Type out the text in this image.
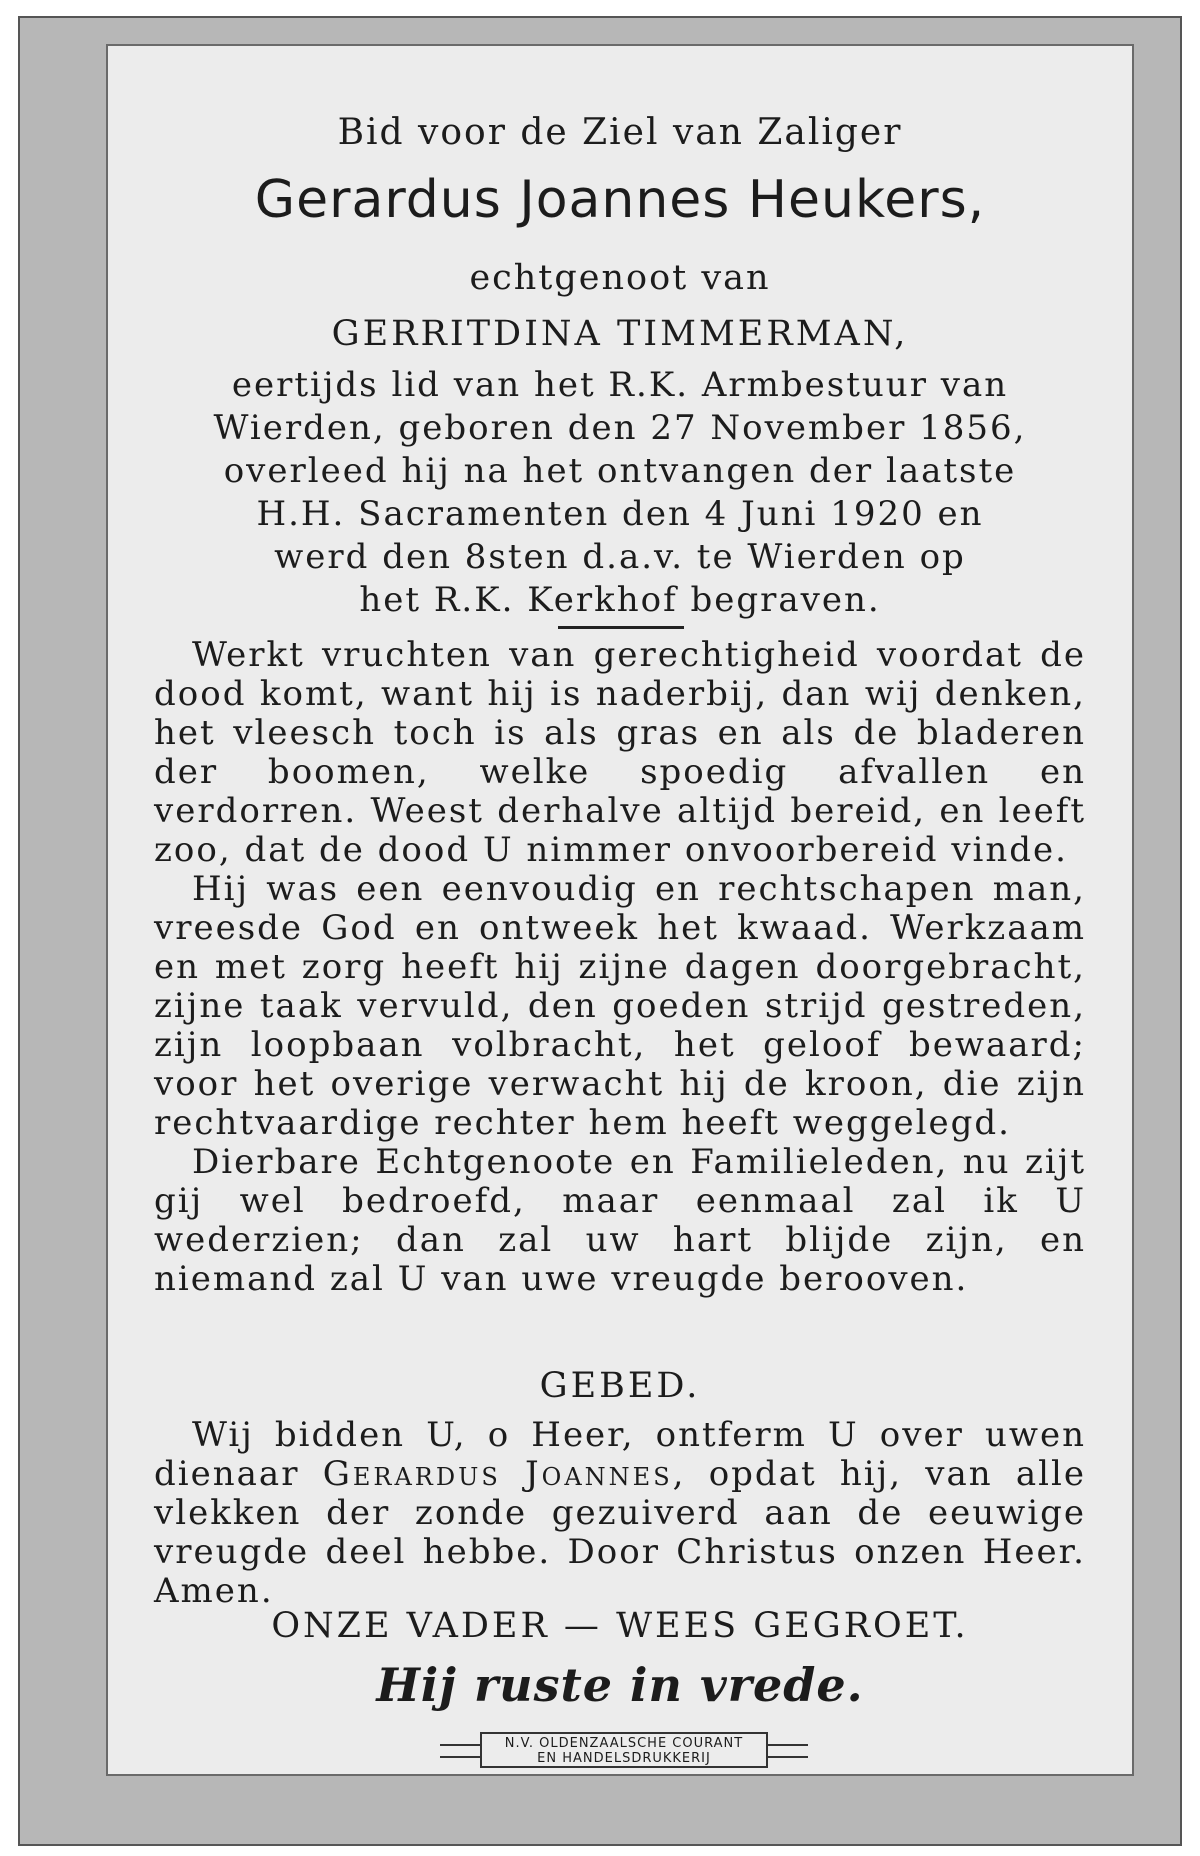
Bid voor de Ziel van Zaliger
Gerardus Joannes Heukers,
echtgenoot van
GERRITDINA TIMMERMAN,
eertijds lid van het R.K. Armbestuur van
Wierden, geboren den 27 November 1856,
overleed hij na het ontvangen der laatste
H.H. Sacramenten den 4 Juni 1920 en
werd den 8sten d.a.v. te Wierden op
het R.K. Kerkhof begraven.

Werkt vruchten van gerechtigheid voordat de dood komt, want hij is naderbij, dan wij denken, het vleesch toch is als gras en als de bladeren der boomen, welke spoedig afvallen en verdorren. Weest derhalve altijd bereid, en leeft zoo, dat de dood U nimmer onvoorbereid vinde.

Hij was een eenvoudig en rechtschapen man, vreesde God en ontweek het kwaad. Werkzaam en met zorg heeft hij zijne dagen doorgebracht, zijne taak vervuld, den goeden strijd gestreden, zijn loopbaan volbracht, het geloof bewaard; voor het overige verwacht hij de kroon, die zijn rechtvaardige rechter hem heeft weggelegd.

Dierbare Echtgenoote en Familieleden, nu zijt gij wel bedroefd, maar eenmaal zal ik U wederzien; dan zal uw hart blijde zijn, en niemand zal U van uwe vreugde berooven.

GEBED.

Wij bidden U, o Heer, ontferm U over uwen dienaar Gerardus Joannes, opdat hij, van alle vlekken der zonde gezuiverd aan de eeuwige vreugde deel hebbe. Door Christus onzen Heer. Amen.

ONZE VADER — WEES GEGROET.
Hij ruste in vrede.
N.V. OLDENZAALSCHE COURANT
EN HANDELSDRUKKERIJ
